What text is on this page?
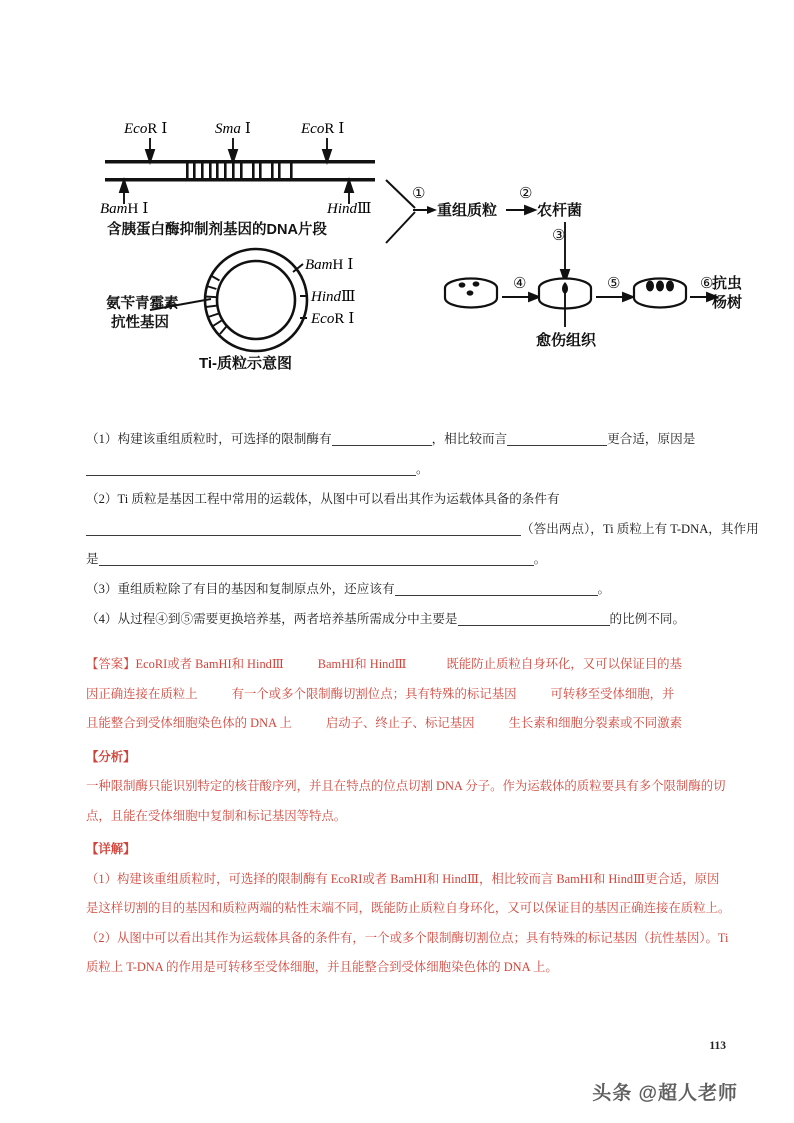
EcoR Ⅰ	Sma Ⅰ	EcoR Ⅰ
BamH Ⅰ	HindⅢ
含胰蛋白酶抑制剂基因的DNA片段
BamH Ⅰ
HindⅢ
EcoR Ⅰ
氨苄青霉素
抗性基因
Ti-质粒示意图
①
重组质粒
②
农杆菌
③
④
愈伤组织
⑤	⑥
抗虫
杨树
（1）构建该重组质粒时，可选择的限制酶有	，相比较而言	更合适，原因是
。
（2）Ti 质粒是基因工程中常用的运载体，从图中可以看出其作为运载体具备的条件有
（答出两点），Ti 质粒上有 T-DNA，其作用
是	。
（3）重组质粒除了有目的基因和复制原点外，还应该有	。
（4）从过程④到⑤需要更换培养基，两者培养基所需成分中主要是	的比例不同。
【答案】EcoRI或者 BamHI和 HindⅢ	BamHI和 HindⅢ	既能防止质粒自身环化，又可以保证目的基
因正确连接在质粒上	有一个或多个限制酶切割位点；具有特殊的标记基因	可转移至受体细胞，并
且能整合到受体细胞染色体的 DNA 上	启动子、终止子、标记基因	生长素和细胞分裂素或不同激素
【分析】
一种限制酶只能识别特定的核苷酸序列，并且在特点的位点切割 DNA 分子。作为运载体的质粒要具有多个限制酶的切点，且能在受体细胞中复制和标记基因等特点。
【详解】
（1）构建该重组质粒时，可选择的限制酶有 EcoRI或者 BamHI和 HindⅢ，相比较而言 BamHI和 HindⅢ更合适，原因是这样切割的目的基因和质粒两端的粘性末端不同，既能防止质粒自身环化，又可以保证目的基因正确连接在质粒上。
（2）从图中可以看出其作为运载体具备的条件有，一个或多个限制酶切割位点；具有特殊的标记基因（抗性基因）。Ti 质粒上 T-DNA 的作用是可转移至受体细胞，并且能整合到受体细胞染色体的 DNA 上。
113
头条 @超人老师
